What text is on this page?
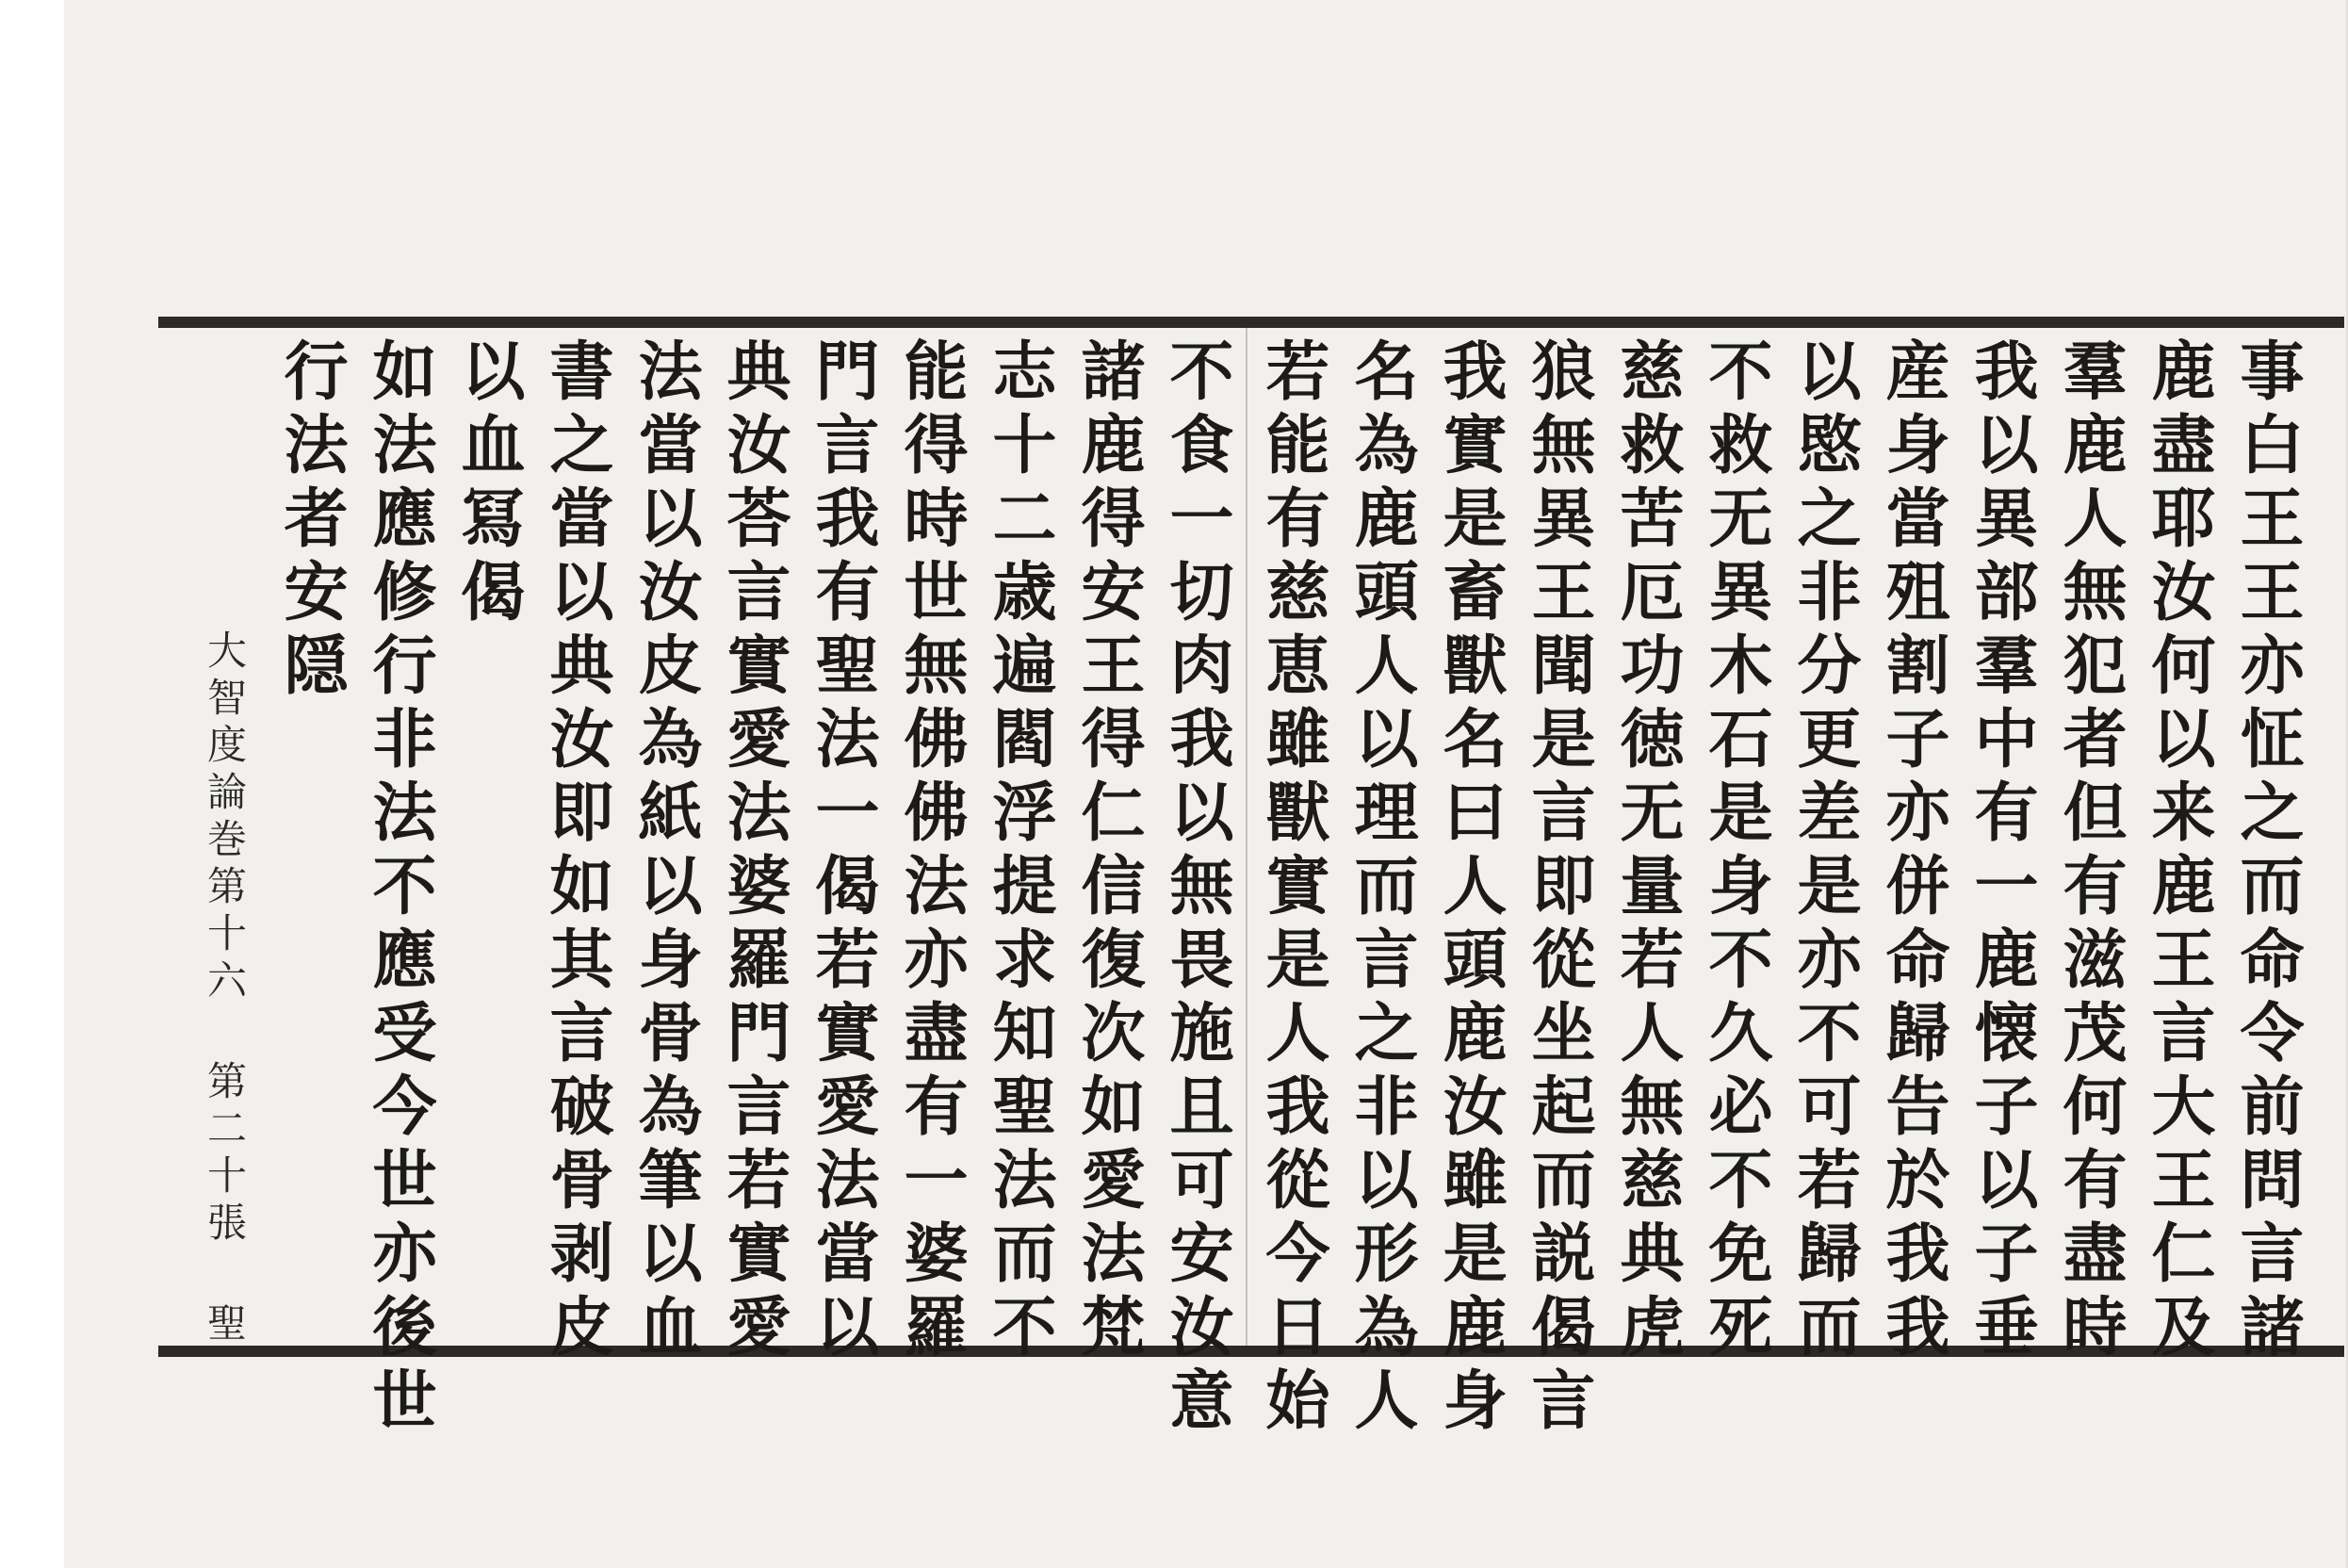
事白王王亦怔之而命令前問言諸
鹿盡耶汝何以来鹿王言大王仁及
羣鹿人無犯者但有滋茂何有盡時
我以異部羣中有一鹿懐子以子垂
産身當殂割子亦併命歸告於我我
以愍之非分更差是亦不可若歸而
不救无異木石是身不久必不免死
慈救苦厄功徳无量若人無慈典虎
狼無異王聞是言即從坐起而説偈言
我實是畜獸名曰人頭鹿汝雖是鹿身
名為鹿頭人以理而言之非以形為人
若能有慈恵雖獸實是人我從今日始
不食一切肉我以無畏施且可安汝意
諸鹿得安王得仁信復次如愛法梵
志十二歳遍閻浮提求知聖法而不
能得時世無佛佛法亦盡有一婆羅
門言我有聖法一偈若實愛法當以
典汝荅言實愛法婆羅門言若實愛
法當以汝皮為紙以身骨為筆以血
書之當以典汝即如其言破骨剥皮
以血冩偈
如法應修行非法不應受今世亦後世
行法者安隠
大智度論巻第十六 第二十張 聖
